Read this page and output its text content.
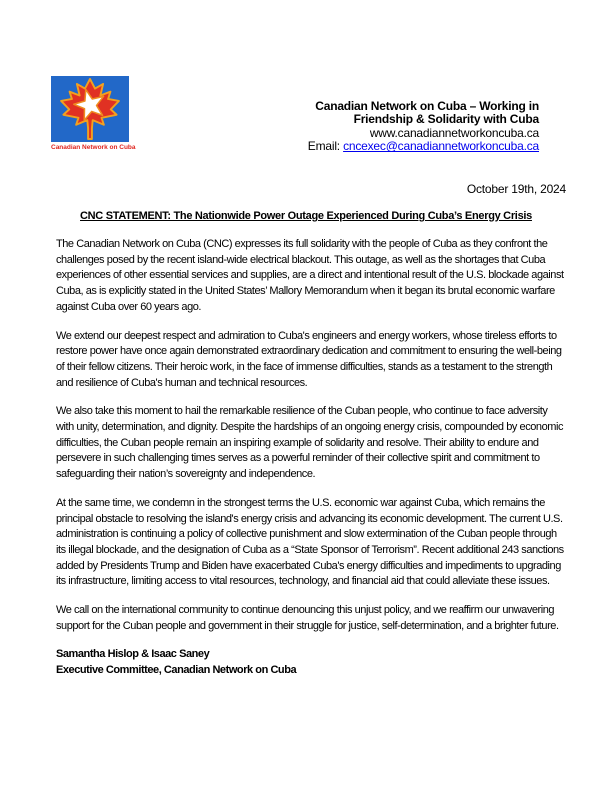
Canadian Network on Cuba
Canadian Network on Cuba – Working in
Friendship & Solidarity with Cuba
www.canadiannetworkoncuba.ca
Email: cncexec@canadiannetworkoncuba.ca
October 19th, 2024
CNC STATEMENT: The Nationwide Power Outage Experienced During Cuba’s Energy Crisis

The Canadian Network on Cuba (CNC) expresses its full solidarity with the people of Cuba as they confront the challenges posed by the recent island-wide electrical blackout. This outage, as well as the shortages that Cuba experiences of other essential services and supplies, are a direct and intentional result of the U.S. blockade against Cuba, as is explicitly stated in the United States’ Mallory Memorandum when it began its brutal economic warfare against Cuba over 60 years ago.

We extend our deepest respect and admiration to Cuba's engineers and energy workers, whose tireless efforts to restore power have once again demonstrated extraordinary dedication and commitment to ensuring the well-being of their fellow citizens. Their heroic work, in the face of immense difficulties, stands as a testament to the strength and resilience of Cuba's human and technical resources.

We also take this moment to hail the remarkable resilience of the Cuban people, who continue to face adversity with unity, determination, and dignity. Despite the hardships of an ongoing energy crisis, compounded by economic difficulties, the Cuban people remain an inspiring example of solidarity and resolve. Their ability to endure and persevere in such challenging times serves as a powerful reminder of their collective spirit and commitment to safeguarding their nation’s sovereignty and independence.

At the same time, we condemn in the strongest terms the U.S. economic war against Cuba, which remains the principal obstacle to resolving the island's energy crisis and advancing its economic development. The current U.S. administration is continuing a policy of collective punishment and slow extermination of the Cuban people through its illegal blockade, and the designation of Cuba as a “State Sponsor of Terrorism”. Recent additional 243 sanctions added by Presidents Trump and Biden have exacerbated Cuba's energy difficulties and impediments to upgrading its infrastructure, limiting access to vital resources, technology, and financial aid that could alleviate these issues.

We call on the international community to continue denouncing this unjust policy, and we reaffirm our unwavering support for the Cuban people and government in their struggle for justice, self-determination, and a brighter future.

Samantha Hislop & Isaac Saney
Executive Committee, Canadian Network on Cuba
